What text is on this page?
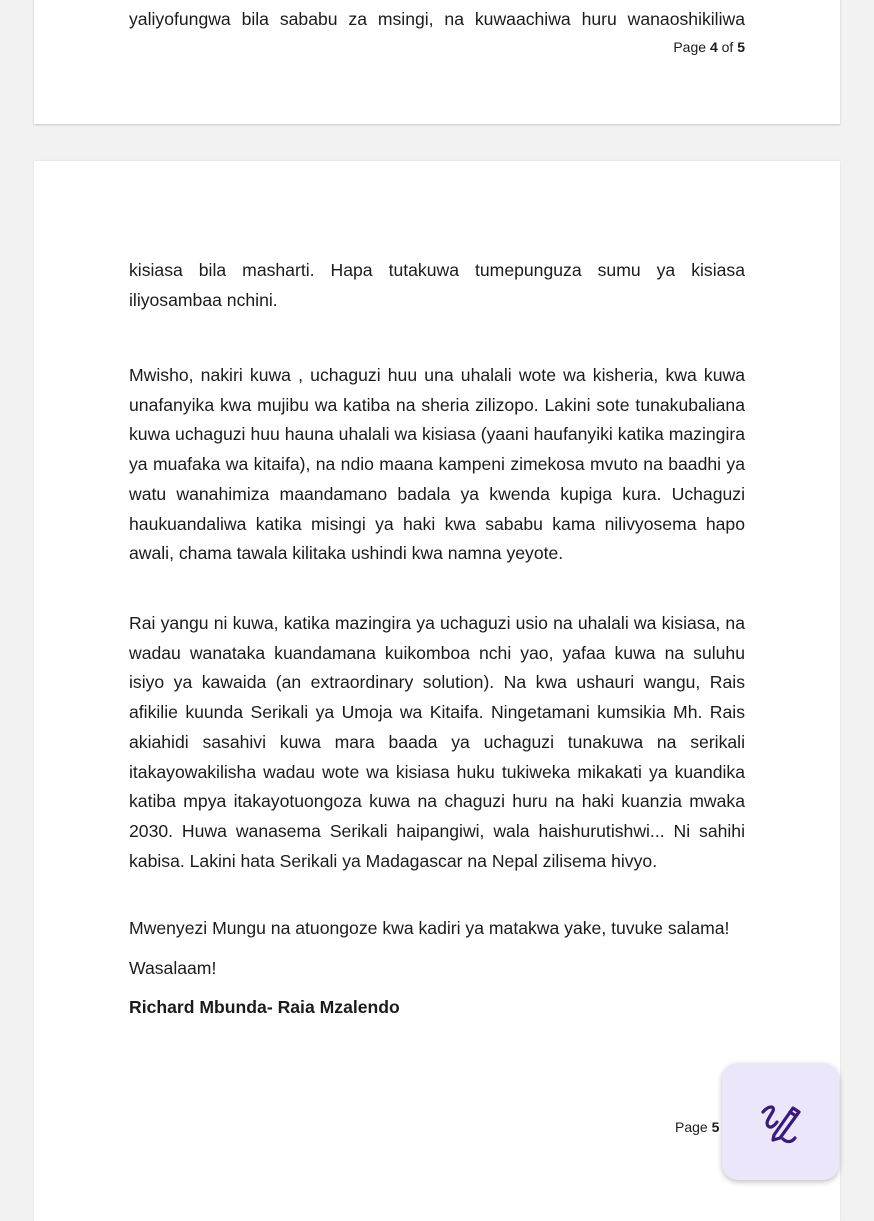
yaliyofungwa bila sababu za msingi, na kuwaachiwa huru wanaoshikiliwa
Page 4 of 5

kisiasa bila masharti. Hapa tutakuwa tumepunguza sumu ya kisiasa iliyosambaa nchini.

Mwisho, nakiri kuwa , uchaguzi huu una uhalali wote wa kisheria, kwa kuwa unafanyika kwa mujibu wa katiba na sheria zilizopo. Lakini sote tunakubaliana kuwa uchaguzi huu hauna uhalali wa kisiasa (yaani haufanyiki katika mazingira ya muafaka wa kitaifa), na ndio maana kampeni zimekosa mvuto na baadhi ya watu wanahimiza maandamano badala ya kwenda kupiga kura. Uchaguzi haukuandaliwa katika misingi ya haki kwa sababu kama nilivyosema hapo awali, chama tawala kilitaka ushindi kwa namna yeyote.

Rai yangu ni kuwa, katika mazingira ya uchaguzi usio na uhalali wa kisiasa, na wadau wanataka kuandamana kuikomboa nchi yao, yafaa kuwa na suluhu isiyo ya kawaida (an extraordinary solution). Na kwa ushauri wangu, Rais afikilie kuunda Serikali ya Umoja wa Kitaifa. Ningetamani kumsikia Mh. Rais akiahidi sasahivi kuwa mara baada ya uchaguzi tunakuwa na serikali itakayowakilisha wadau wote wa kisiasa huku tukiweka mikakati ya kuandika katiba mpya itakayotuongoza kuwa na chaguzi huru na haki kuanzia mwaka 2030. Huwa wanasema Serikali haipangiwi, wala haishurutishwi... Ni sahihi kabisa. Lakini hata Serikali ya Madagascar na Nepal zilisema hivyo.

Mwenyezi Mungu na atuongoze kwa kadiri ya matakwa yake, tuvuke salama!
Wasalaam!
Richard Mbunda- Raia Mzalendo
Page 5
